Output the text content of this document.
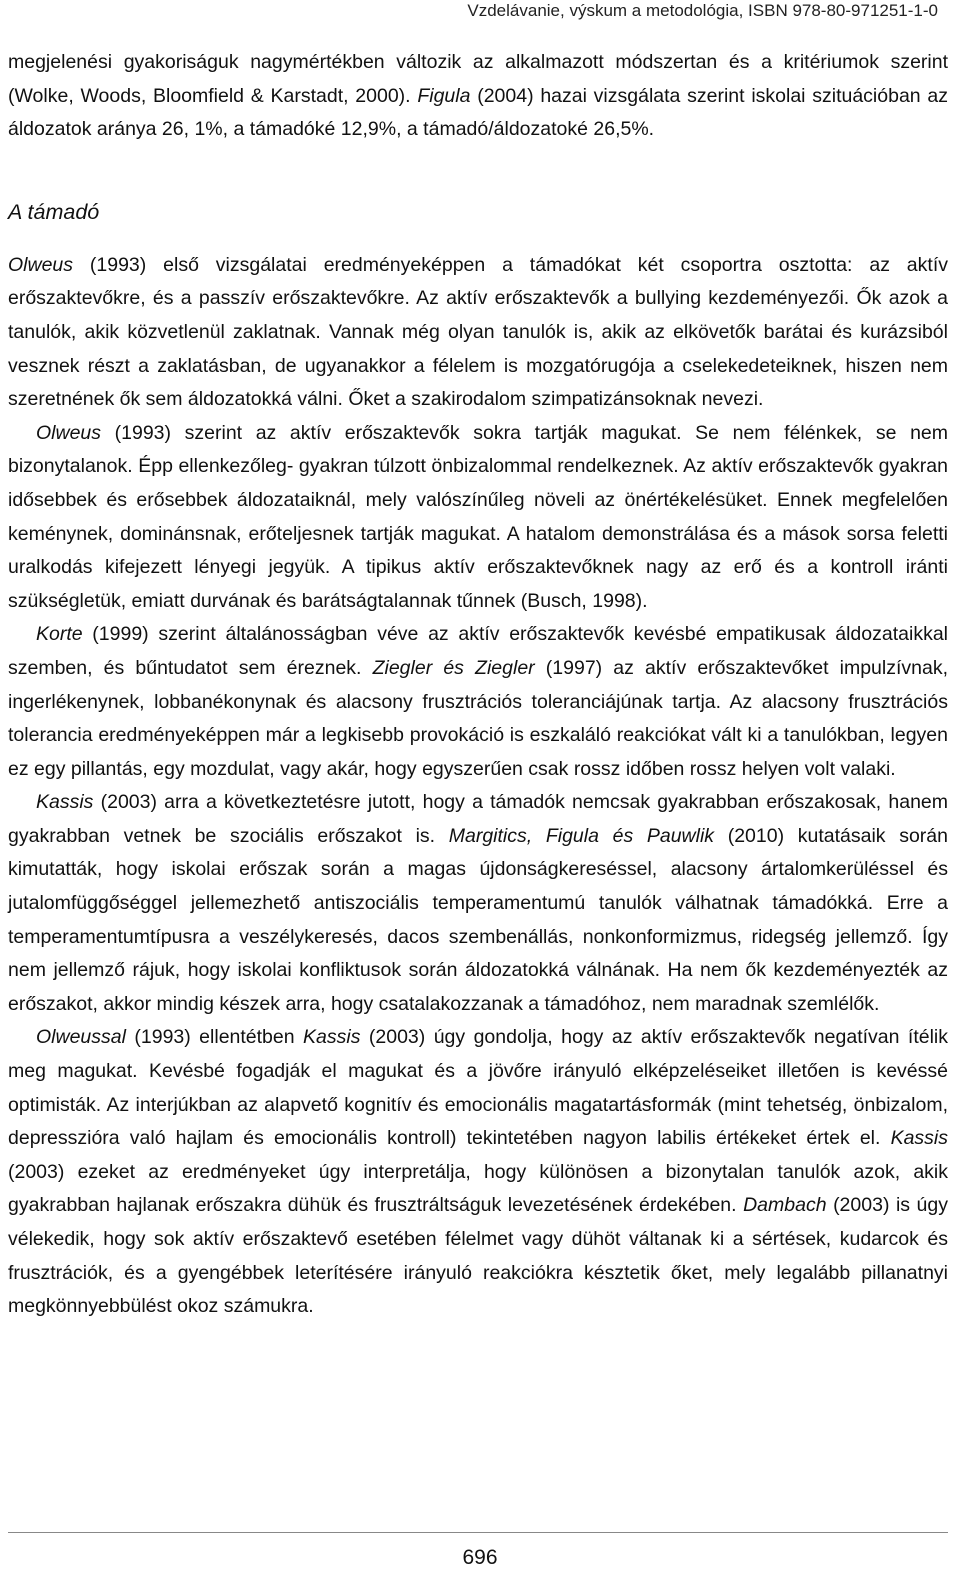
Vzdelávanie, výskum a metodológia, ISBN 978-80-971251-1-0

megjelenési gyakoriságuk nagymértékben változik az alkalmazott módszertan és a kritériumok szerint (Wolke, Woods, Bloomfield & Karstadt, 2000). Figula (2004) hazai vizsgálata szerint iskolai szituációban az áldozatok aránya 26, 1%, a támadóké 12,9%, a támadó/áldozatoké 26,5%.

A támadó

Olweus (1993) első vizsgálatai eredményeképpen a támadókat két csoportra osztotta: az aktív erőszaktevőkre, és a passzív erőszaktevőkre. Az aktív erőszaktevők a bullying kezdeményezői. Ők azok a tanulók, akik közvetlenül zaklatnak. Vannak még olyan tanulók is, akik az elkövetők barátai és kurázsiból vesznek részt a zaklatásban, de ugyanakkor a félelem is mozgatórugója a cselekedeteiknek, hiszen nem szeretnének ők sem áldozatokká válni. Őket a szakirodalom szimpatizánsoknak nevezi.

Olweus (1993) szerint az aktív erőszaktevők sokra tartják magukat. Se nem félénkek, se nem bizonytalanok. Épp ellenkezőleg- gyakran túlzott önbizalommal rendelkeznek. Az aktív erőszaktevők gyakran idősebbek és erősebbek áldozataiknál, mely valószínűleg növeli az önértékelésüket. Ennek megfelelően keménynek, dominánsnak, erőteljesnek tartják magukat. A hatalom demonstrálása és a mások sorsa feletti uralkodás kifejezett lényegi jegyük. A tipikus aktív erőszaktevőknek nagy az erő és a kontroll iránti szükségletük, emiatt durvának és barátságtalannak tűnnek (Busch, 1998).

Korte (1999) szerint általánosságban véve az aktív erőszaktevők kevésbé empatikusak áldozataikkal szemben, és bűntudatot sem éreznek. Ziegler és Ziegler (1997) az aktív erőszaktevőket impulzívnak, ingerlékenynek, lobbanékonynak és alacsony frusztrációs toleranciájúnak tartja. Az alacsony frusztrációs tolerancia eredményeképpen már a legkisebb provokáció is eszkaláló reakciókat vált ki a tanulókban, legyen ez egy pillantás, egy mozdulat, vagy akár, hogy egyszerűen csak rossz időben rossz helyen volt valaki.

Kassis (2003) arra a következtetésre jutott, hogy a támadók nemcsak gyakrabban erőszakosak, hanem gyakrabban vetnek be szociális erőszakot is. Margitics, Figula és Pauwlik (2010) kutatásaik során kimutatták, hogy iskolai erőszak során a magas újdonságkereséssel, alacsony ártalomkerüléssel és jutalomfüggőséggel jellemezhető antiszociális temperamentumú tanulók válhatnak támadókká. Erre a temperamentumtípusra a veszélykeresés, dacos szembenállás, nonkonformizmus, ridegség jellemző. Így nem jellemző rájuk, hogy iskolai konfliktusok során áldozatokká válnának. Ha nem ők kezdeményezték az erőszakot, akkor mindig készek arra, hogy csatalakozzanak a támadóhoz, nem maradnak szemlélők.

Olweussal (1993) ellentétben Kassis (2003) úgy gondolja, hogy az aktív erőszaktevők negatívan ítélik meg magukat. Kevésbé fogadják el magukat és a jövőre irányuló elképzeléseiket illetően is kevéssé optimisták. Az interjúkban az alapvető kognitív és emocionális magatartásformák (mint tehetség, önbizalom, depresszióra való hajlam és emocionális kontroll) tekintetében nagyon labilis értékeket értek el. Kassis (2003) ezeket az eredményeket úgy interpretálja, hogy különösen a bizonytalan tanulók azok, akik gyakrabban hajlanak erőszakra dühük és frusztráltságuk levezetésének érdekében. Dambach (2003) is úgy vélekedik, hogy sok aktív erőszaktevő esetében félelmet vagy dühöt váltanak ki a sértések, kudarcok és frusztrációk, és a gyengébbek leterítésére irányuló reakciókra késztetik őket, mely legalább pillanatnyi megkönnyebbülést okoz számukra.

696
